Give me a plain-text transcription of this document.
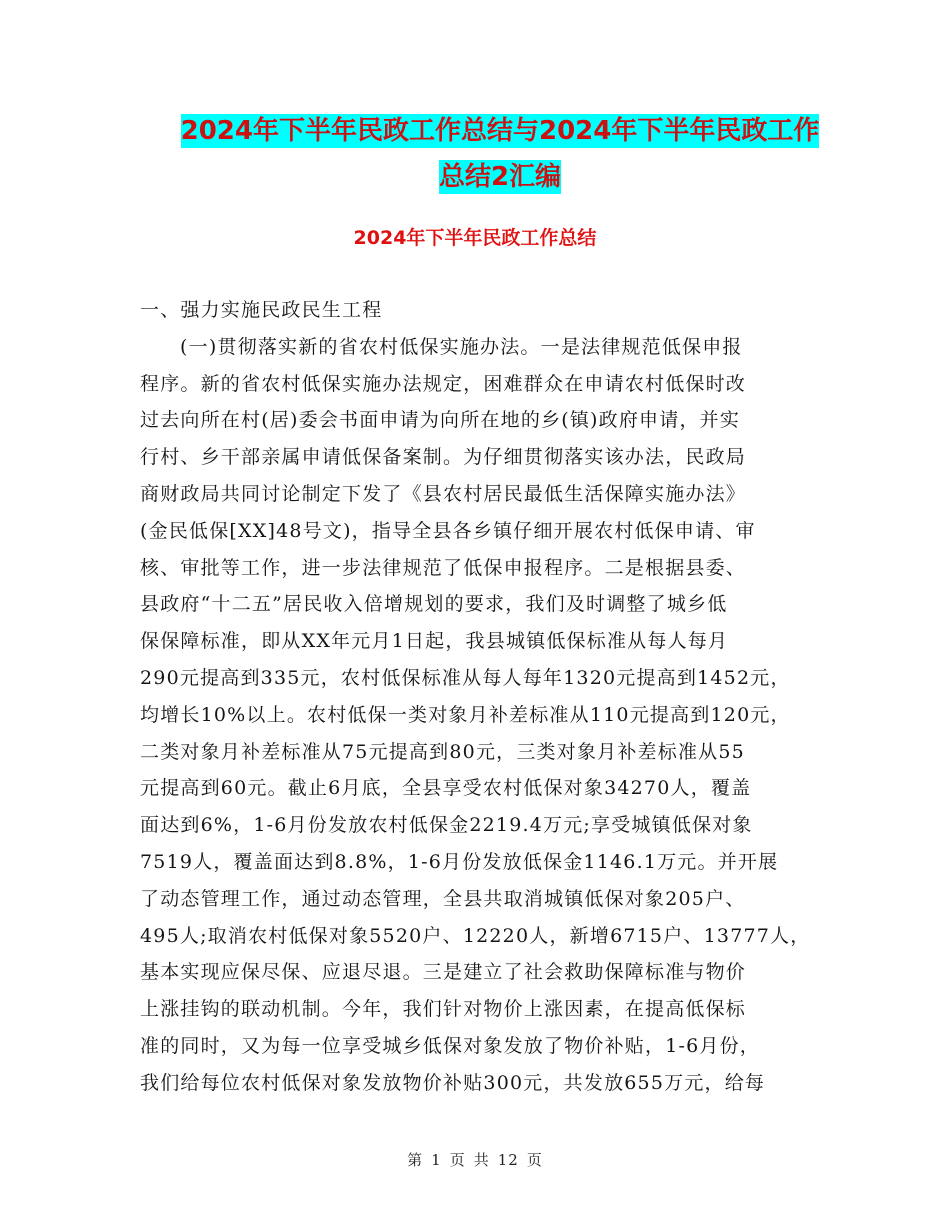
2024年下半年民政工作总结与2024年下半年民政工作
总结2汇编
2024年下半年民政工作总结
一、强力实施民政民生工程
(一)贯彻落实新的省农村低保实施办法。一是法律规范低保申报
程序。新的省农村低保实施办法规定，困难群众在申请农村低保时改
过去向所在村(居)委会书面申请为向所在地的乡(镇)政府申请，并实
行村、乡干部亲属申请低保备案制。为仔细贯彻落实该办法，民政局
商财政局共同讨论制定下发了《县农村居民最低生活保障实施办法》
(金民低保[XX]48号文)，指导全县各乡镇仔细开展农村低保申请、审
核、审批等工作，进一步法律规范了低保申报程序。二是根据县委、
县政府“十二五”居民收入倍增规划的要求，我们及时调整了城乡低
保保障标准，即从XX年元月1日起，我县城镇低保标准从每人每月
290元提高到335元，农村低保标准从每人每年1320元提高到1452元，
均增长10%以上。农村低保一类对象月补差标准从110元提高到120元，
二类对象月补差标准从75元提高到80元，三类对象月补差标准从55
元提高到60元。截止6月底，全县享受农村低保对象34270人，覆盖
面达到6%，1-6月份发放农村低保金2219.4万元;享受城镇低保对象
7519人，覆盖面达到8.8%，1-6月份发放低保金1146.1万元。并开展
了动态管理工作，通过动态管理，全县共取消城镇低保对象205户、
495人;取消农村低保对象5520户、12220人，新增6715户、13777人，
基本实现应保尽保、应退尽退。三是建立了社会救助保障标准与物价
上涨挂钩的联动机制。今年，我们针对物价上涨因素，在提高低保标
准的同时，又为每一位享受城乡低保对象发放了物价补贴，1-6月份，
我们给每位农村低保对象发放物价补贴300元，共发放655万元，给每
第 1 页 共 12 页
